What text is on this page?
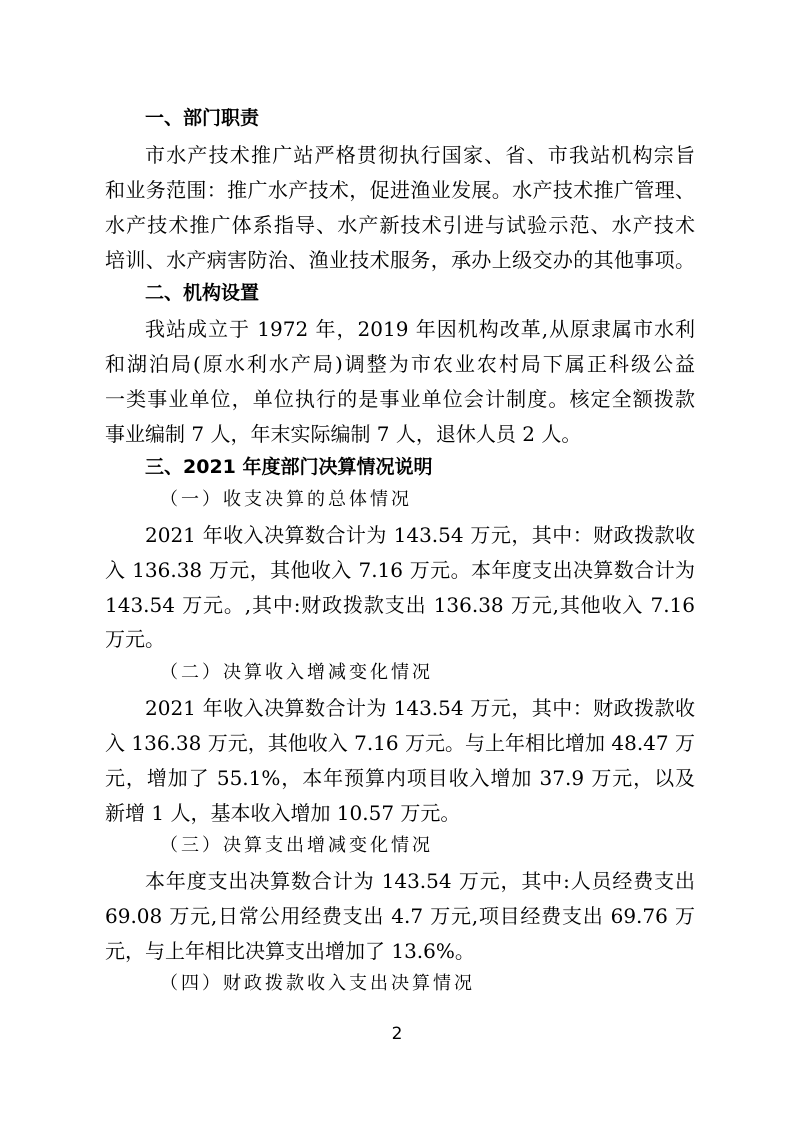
一、部门职责
市水产技术推广站严格贯彻执行国家、省、市我站机构宗旨
和业务范围：推广水产技术，促进渔业发展。水产技术推广管理、
水产技术推广体系指导、水产新技术引进与试验示范、水产技术
培训、水产病害防治、渔业技术服务，承办上级交办的其他事项。
二、机构设置
我站成立于 1972 年，2019 年因机构改革,从原隶属市水利
和湖泊局(原水利水产局)调整为市农业农村局下属正科级公益
一类事业单位，单位执行的是事业单位会计制度。核定全额拨款
事业编制 7 人，年末实际编制 7 人，退休人员 2 人。
三、2021 年度部门决算情况说明
（一）收支决算的总体情况
2021 年收入决算数合计为 143.54 万元，其中：财政拨款收
入 136.38 万元，其他收入 7.16 万元。本年度支出决算数合计为
143.54 万元。,其中:财政拨款支出 136.38 万元,其他收入 7.16
万元。
（二）决算收入增减变化情况
2021 年收入决算数合计为 143.54 万元，其中：财政拨款收
入 136.38 万元，其他收入 7.16 万元。与上年相比增加 48.47 万
元，增加了 55.1%，本年预算内项目收入增加 37.9 万元，以及
新增 1 人，基本收入增加 10.57 万元。
（三）决算支出增减变化情况
本年度支出决算数合计为 143.54 万元，其中:人员经费支出
69.08 万元,日常公用经费支出 4.7 万元,项目经费支出 69.76 万
元，与上年相比决算支出增加了 13.6%。
（四）财政拨款收入支出决算情况
2
